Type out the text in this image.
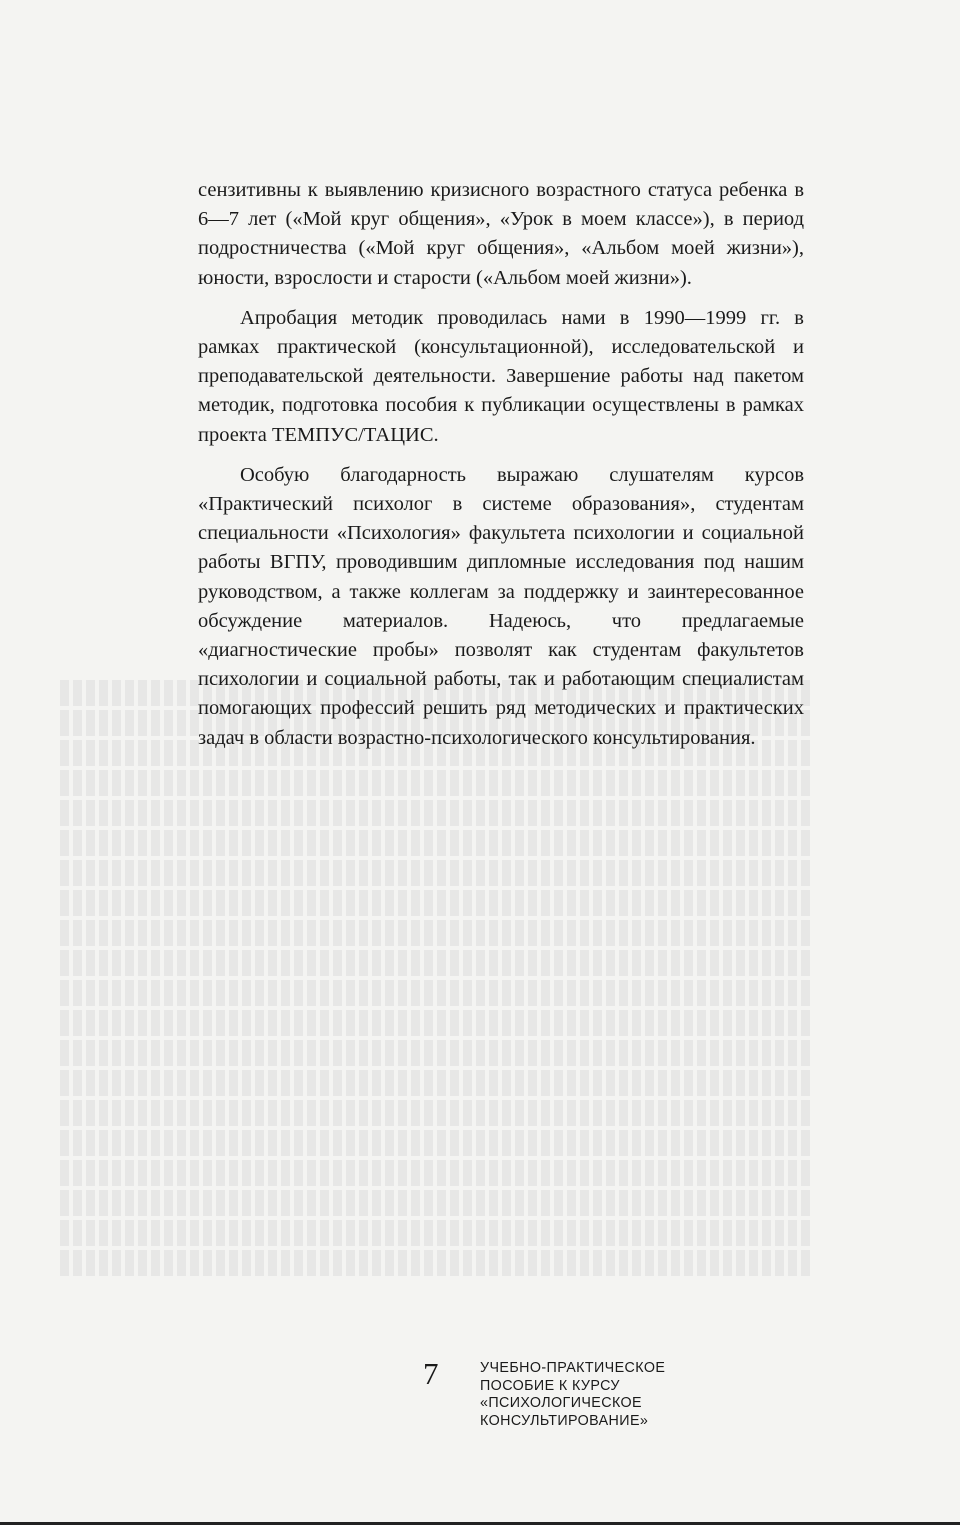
сензитивны к выявлению кризисного возрастного статуса ребенка в 6—7 лет («Мой круг общения», «Урок в моем классе»), в период подростничества («Мой круг общения», «Альбом моей жизни»), юности, взрослости и старости («Альбом моей жизни»).

Апробация методик проводилась нами в 1990—1999 гг. в рамках практической (консультационной), исследовательской и преподавательской деятельности. Завершение работы над пакетом методик, подготовка пособия к публикации осуществлены в рамках проекта ТЕМПУС/ТАЦИС.

Особую благодарность выражаю слушателям курсов «Практический психолог в системе образования», студентам специальности «Психология» факультета психологии и социальной работы ВГПУ, проводившим дипломные исследования под нашим руководством, а также коллегам за поддержку и заинтересованное обсуждение материалов. Надеюсь, что предлагаемые «диагностические пробы» позволят как студентам факультетов психологии и социальной работы, так и работающим специалистам помогающих профессий решить ряд методических и практических задач в области возрастно-психологического консультирования.

7	УЧЕБНО-ПРАКТИЧЕСКОЕ
ПОСОБИЕ К КУРСУ
«ПСИХОЛОГИЧЕСКОЕ
КОНСУЛЬТИРОВАНИЕ»
